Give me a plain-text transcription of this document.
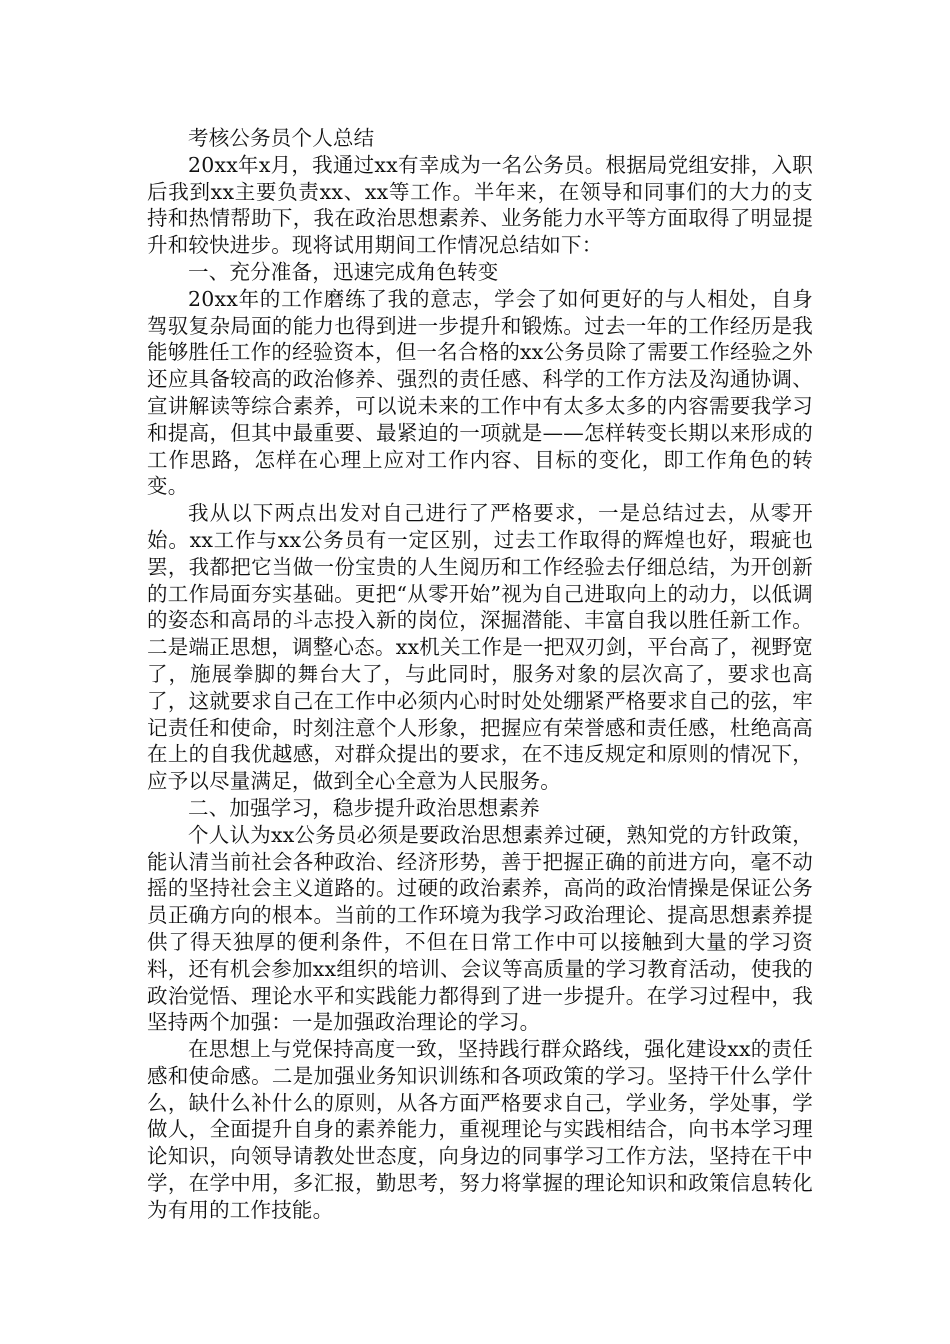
考核公务员个人总结

20xx年x月，我通过xx有幸成为一名公务员。根据局党组安排，入职后我到xx主要负责xx、xx等工作。半年来，在领导和同事们的大力的支持和热情帮助下，我在政治思想素养、业务能力水平等方面取得了明显提升和较快进步。现将试用期间工作情况总结如下：

一、充分准备，迅速完成角色转变

20xx年的工作磨练了我的意志，学会了如何更好的与人相处，自身驾驭复杂局面的能力也得到进一步提升和锻炼。过去一年的工作经历是我能够胜任工作的经验资本，但一名合格的xx公务员除了需要工作经验之外还应具备较高的政治修养、强烈的责任感、科学的工作方法及沟通协调、宣讲解读等综合素养，可以说未来的工作中有太多太多的内容需要我学习和提高，但其中最重要、最紧迫的一项就是——怎样转变长期以来形成的工作思路，怎样在心理上应对工作内容、目标的变化，即工作角色的转变。

我从以下两点出发对自己进行了严格要求，一是总结过去，从零开始。xx工作与xx公务员有一定区别，过去工作取得的辉煌也好，瑕疵也罢，我都把它当做一份宝贵的人生阅历和工作经验去仔细总结，为开创新的工作局面夯实基础。更把“从零开始”视为自己进取向上的动力，以低调的姿态和高昂的斗志投入新的岗位，深掘潜能、丰富自我以胜任新工作。二是端正思想，调整心态。xx机关工作是一把双刃剑，平台高了，视野宽了，施展拳脚的舞台大了，与此同时，服务对象的层次高了，要求也高了，这就要求自己在工作中必须内心时时处处绷紧严格要求自己的弦，牢记责任和使命，时刻注意个人形象，把握应有荣誉感和责任感，杜绝高高在上的自我优越感，对群众提出的要求，在不违反规定和原则的情况下，应予以尽量满足，做到全心全意为人民服务。

二、加强学习，稳步提升政治思想素养

个人认为xx公务员必须是要政治思想素养过硬，熟知党的方针政策，能认清当前社会各种政治、经济形势，善于把握正确的前进方向，毫不动摇的坚持社会主义道路的。过硬的政治素养，高尚的政治情操是保证公务员正确方向的根本。当前的工作环境为我学习政治理论、提高思想素养提供了得天独厚的便利条件，不但在日常工作中可以接触到大量的学习资料，还有机会参加xx组织的培训、会议等高质量的学习教育活动，使我的政治觉悟、理论水平和实践能力都得到了进一步提升。在学习过程中，我坚持两个加强：一是加强政治理论的学习。

在思想上与党保持高度一致，坚持践行群众路线，强化建设xx的责任感和使命感。二是加强业务知识训练和各项政策的学习。坚持干什么学什么，缺什么补什么的原则，从各方面严格要求自己，学业务，学处事，学做人，全面提升自身的素养能力，重视理论与实践相结合，向书本学习理论知识，向领导请教处世态度，向身边的同事学习工作方法，坚持在干中学，在学中用，多汇报，勤思考，努力将掌握的理论知识和政策信息转化为有用的工作技能。
